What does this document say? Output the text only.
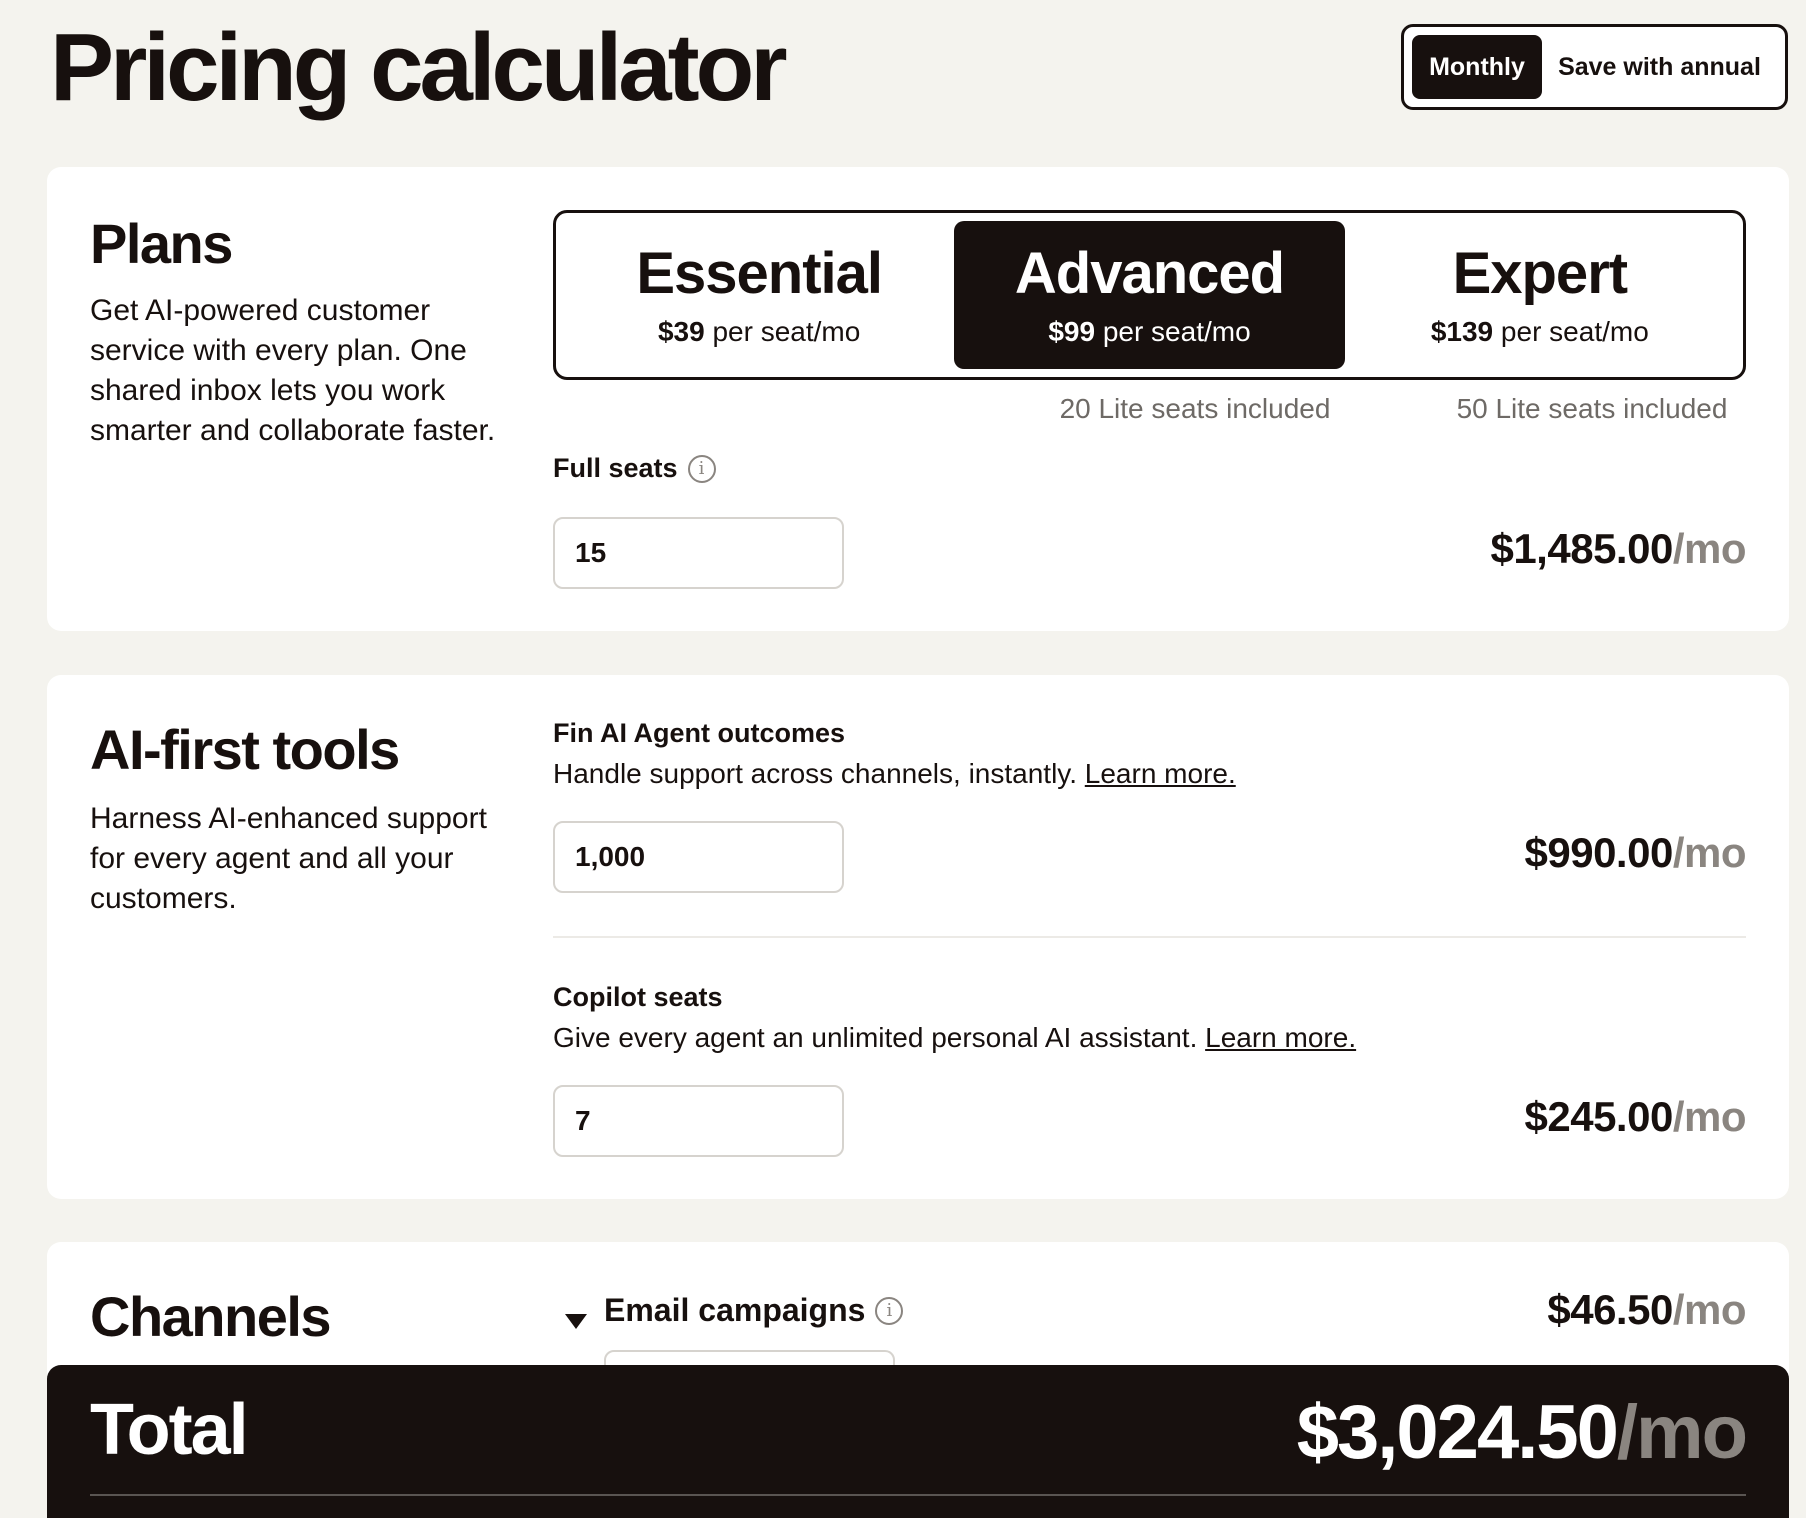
Pricing calculator	Monthly	Save with annual
Plans

Get AI-powered customer service with every plan. One shared inbox lets you work smarter and collaborate faster.

Essential
$39 per seat/mo
Advanced
$99 per seat/mo
Expert
$139 per seat/mo
20 Lite seats included	50 Lite seats included
Full seats	i
15
$1,485.00/mo
AI-first tools

Harness AI-enhanced support for every agent and all your customers.

Fin AI Agent outcomes
Handle support across channels, instantly. Learn more.
1,000
$990.00/mo
Copilot seats
Give every agent an unlimited personal AI assistant. Learn more.
7
$245.00/mo
Channels	Email campaigns	i	$46.50/mo
Total	$3,024.50/mo
